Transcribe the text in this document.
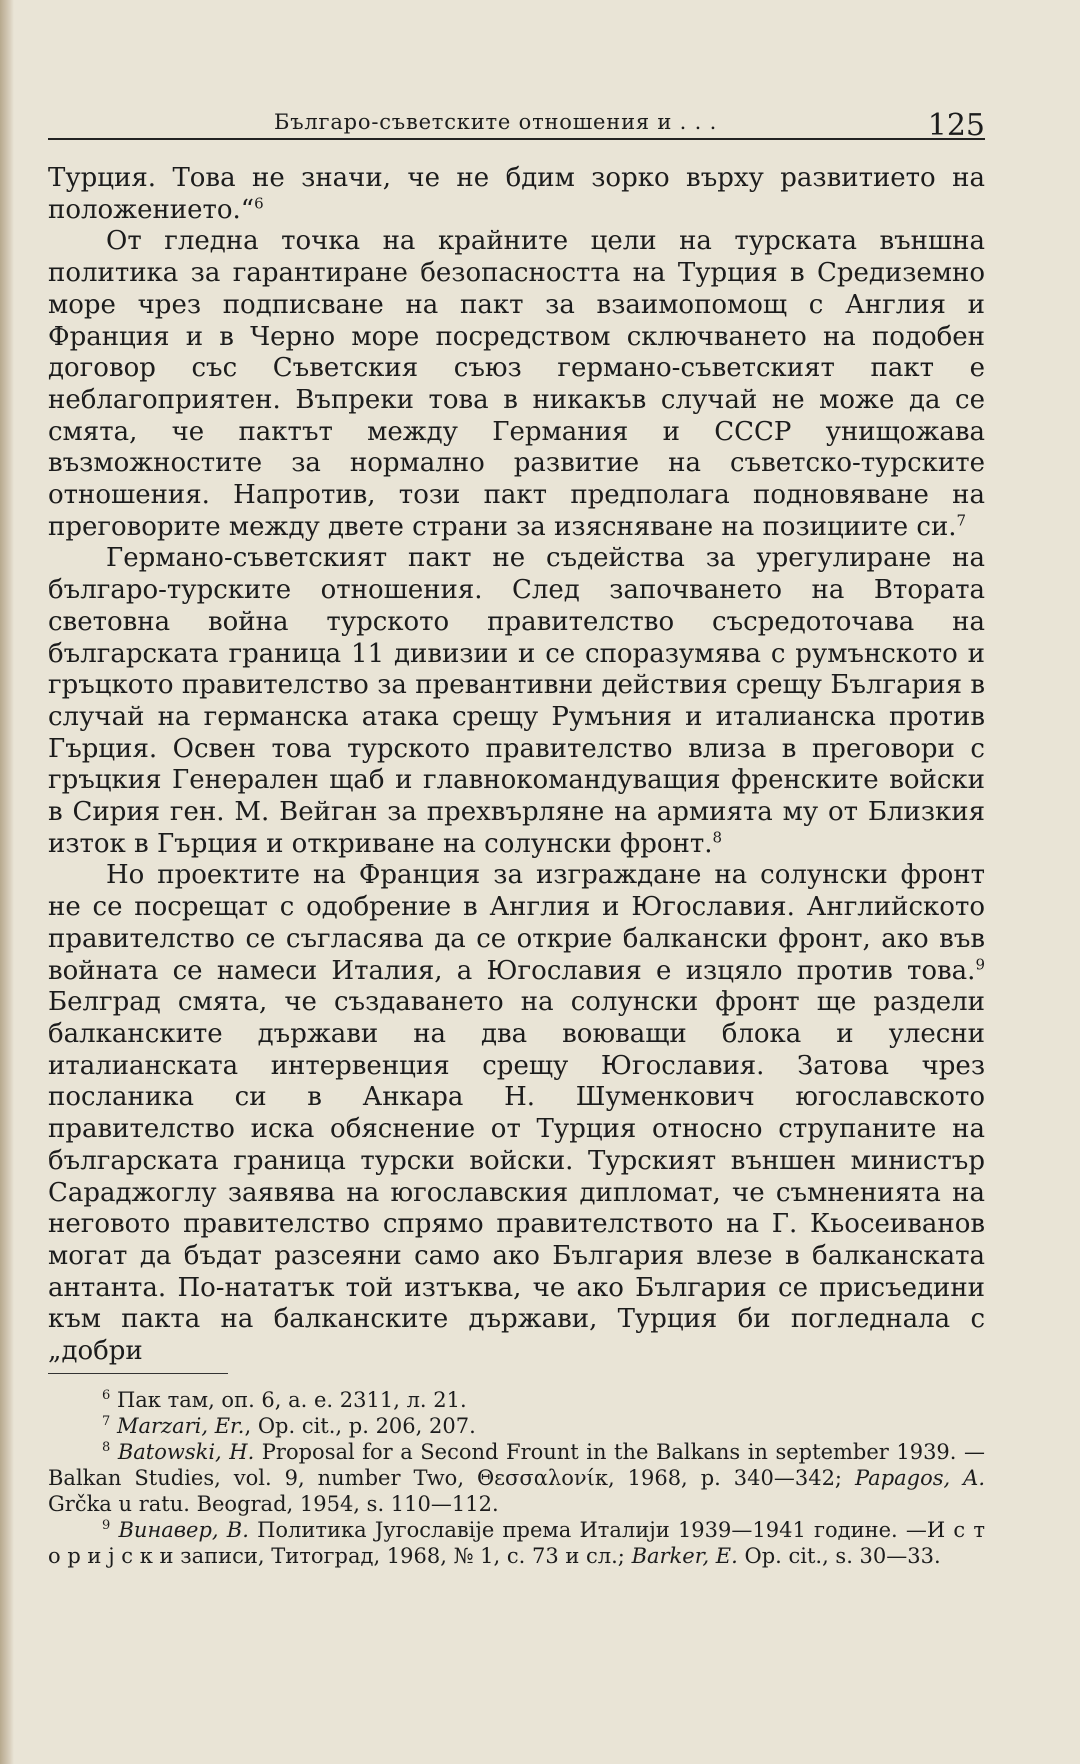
Българо-съветските отношения и . . .	125

Турция. Това не значи, че не бдим зорко върху развитието на положението.“$^6$

От гледна точка на крайните цели на турската външна политика за гарантиране безопасността на Турция в Средиземно море чрез подписване на пакт за взаимопомощ с Англия и Франция и в Черно море посредством сключването на подобен договор със Съветския съюз германо-съветският пакт е неблагоприятен. Въпреки това в никакъв случай не може да се смята, че пактът между Германия и СССР унищожава възможностите за нормално развитие на съветско-турските отношения. Напротив, този пакт предполага подновяване на преговорите между двете страни за изясняване на позициите си.$^7$

Германо-съветският пакт не съдейства за урегулиране на българо-турските отношения. След започването на Втората световна война турското правителство съсредоточава на българската граница 11 дивизии и се споразумява с румънското и гръцкото правителство за превантивни действия срещу България в случай на германска атака срещу Румъния и италианска против Гърция. Освен това турското правителство влиза в преговори с гръцкия Генерален щаб и главнокомандуващия френските войски в Сирия ген. М. Вейган за прехвърляне на армията му от Близкия изток в Гърция и откриване на солунски фронт.$^8$

Но проектите на Франция за изграждане на солунски фронт не се посрещат с одобрение в Англия и Югославия. Английското правителство се съгласява да се открие балкански фронт, ако във войната се намеси Италия, а Югославия е изцяло против това.$^9$ Белград смята, че създаването на солунски фронт ще раздели балканските държави на два воюващи блока и улесни италианската интервенция срещу Югославия. Затова чрез посланика си в Анкара Н. Шуменкович югославското правителство иска обяснение от Турция относно струпаните на българската граница турски войски. Турският външен министър Сараджоглу заявява на югославския дипломат, че съмненията на неговото правителство спрямо правителството на Г. Кьосеиванов могат да бъдат разсеяни само ако България влезе в балканската антанта. По-нататък той изтъква, че ако България се присъедини към пакта на балканските държави, Турция би погледнала с „добри

$^6$ Пак там, оп. 6, а. е. 2311, л. 21.

$^7$ Marzari, Er., Op. cit., p. 206, 207.

$^8$ Batowski, H. Proposal for a Second Frount in the Balkans in september 1939. — Balkan Studies, vol. 9, number Two, Θεσσαλονίκ, 1968, p. 340—342; Papagos, A. Grčka u ratu. Beograd, 1954, s. 110—112.

$^9$ Винавер, В. Политика Југославіје према Италији 1939—1941 године. —И с т о р и ј с к и записи, Титоград, 1968, № 1, с. 73 и сл.; Barker, E. Op. cit., s. 30—33.
